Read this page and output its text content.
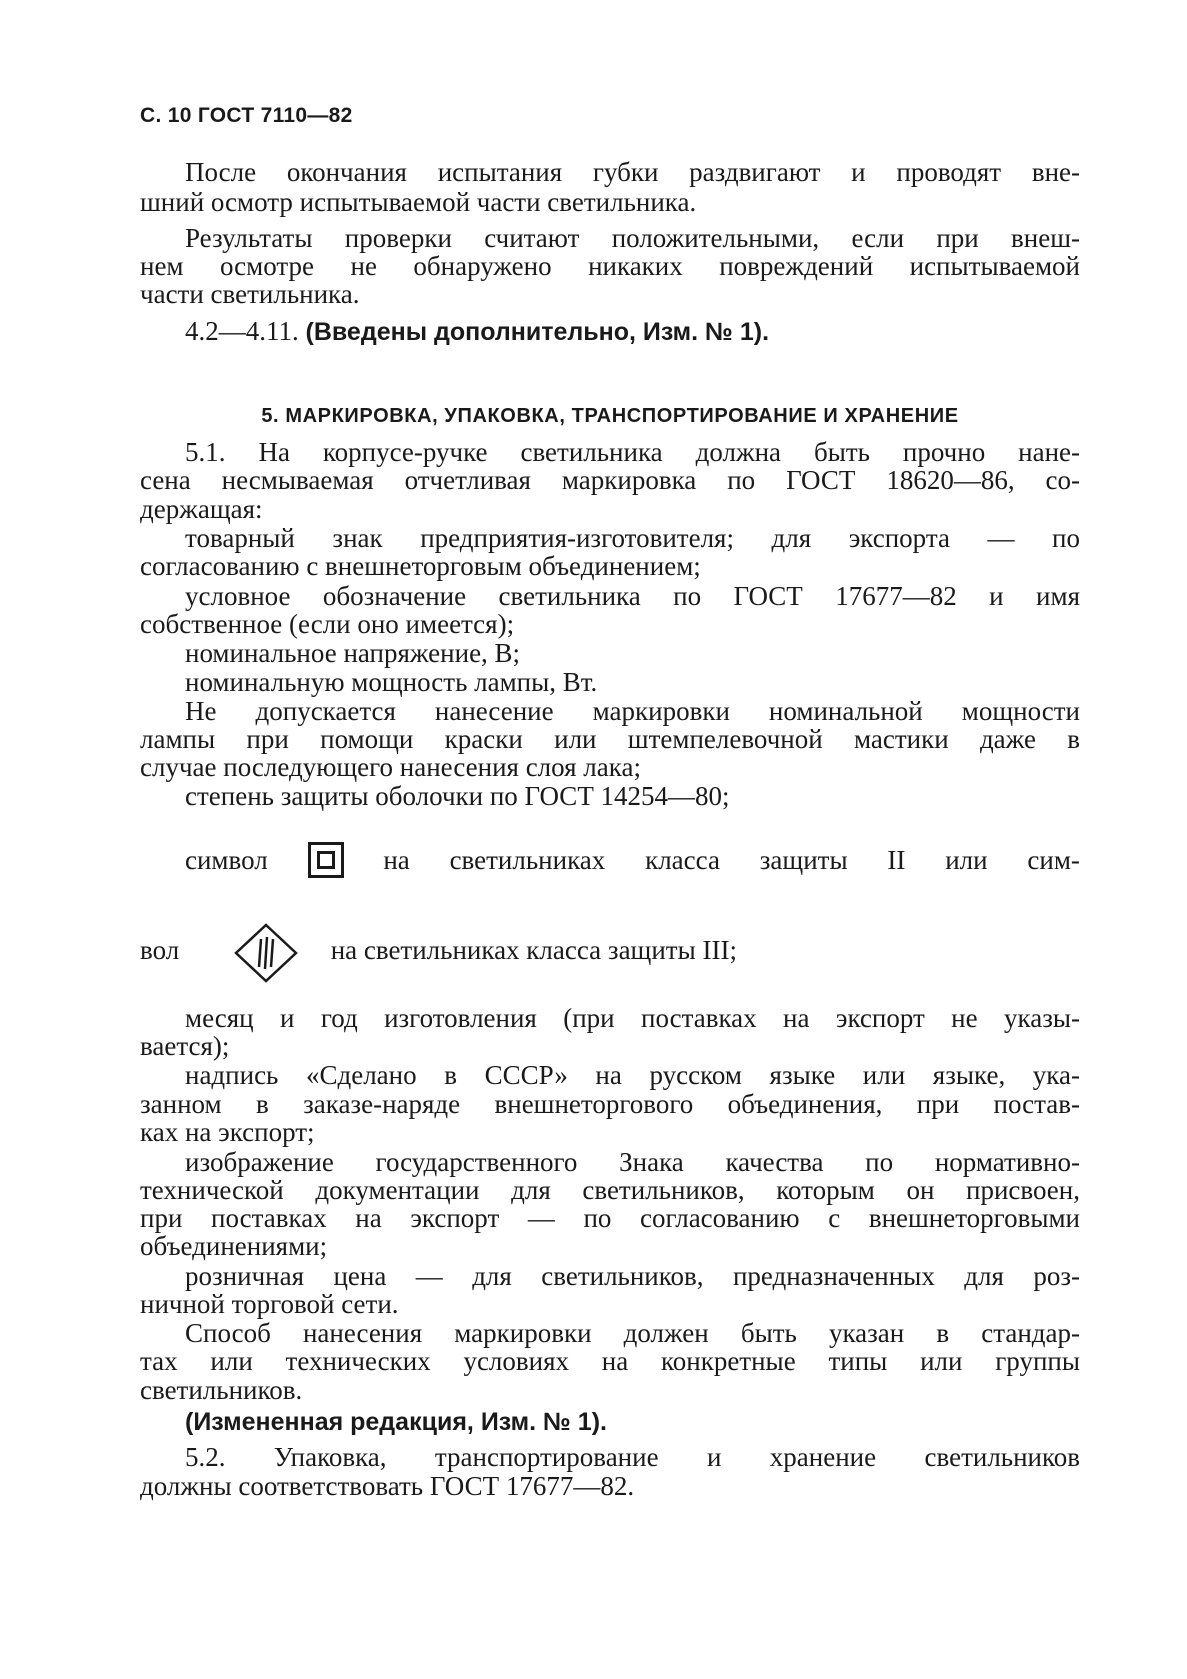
С. 10 ГОСТ 7110—82
После окончания испытания губки раздвигают и проводят вне-
шний осмотр испытываемой части светильника.
Результаты проверки считают положительными, если при внеш-
нем осмотре не обнаружено никаких повреждений испытываемой
части светильника.
4.2—4.11. (Введены дополнительно, Изм. № 1).
5. МАРКИРОВКА, УПАКОВКА, ТРАНСПОРТИРОВАНИЕ И ХРАНЕНИЕ
5.1. На корпусе-ручке светильника должна быть прочно нане-
сена несмываемая отчетливая маркировка по ГОСТ 18620—86, со-
держащая:
товарный знак предприятия-изготовителя; для экспорта — по
согласованию с внешнеторговым объединением;
условное обозначение светильника по ГОСТ 17677—82 и имя
собственное (если оно имеется);
номинальное напряжение, В;
номинальную мощность лампы, Вт.
Не допускается нанесение маркировки номинальной мощности
лампы при помощи краски или штемпелевочной мастики даже в
случае последующего нанесения слоя лака;
степень защиты оболочки по ГОСТ 14254—80;
символ	на светильниках класса защиты II или сим-
вол	на светильниках класса защиты III;
месяц и год изготовления (при поставках на экспорт не указы-
вается);
надпись «Сделано в СССР» на русском языке или языке, ука-
занном в заказе-наряде внешнеторгового объединения, при постав-
ках на экспорт;
изображение государственного Знака качества по нормативно-
технической документации для светильников, которым он присвоен,
при поставках на экспорт — по согласованию с внешнеторговыми
объединениями;
розничная цена — для светильников, предназначенных для роз-
ничной торговой сети.
Способ нанесения маркировки должен быть указан в стандар-
тах или технических условиях на конкретные типы или группы
светильников.
(Измененная редакция, Изм. № 1).
5.2. Упаковка, транспортирование и хранение светильников
должны соответствовать ГОСТ 17677—82.
